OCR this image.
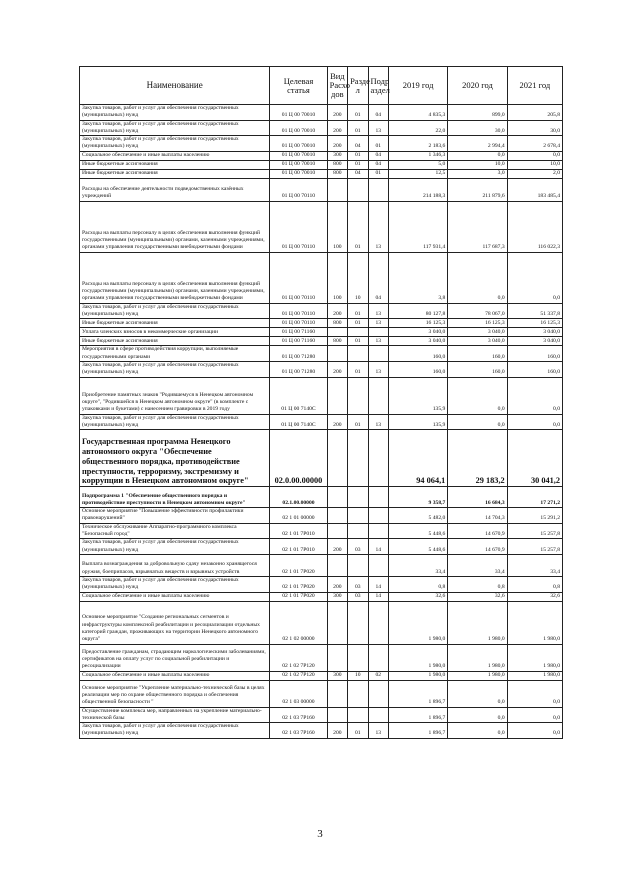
Наименование	Целевая статья	Вид Расхо дов	Разде л	Подр аздел	2019 год	2020 год	2021 год
Закупка товаров, работ и услуг для обеспечения государственных (муниципальных) нужд	01 Ц 00 70010	200	01	04	4 835,3	899,0	205,8
Закупка товаров, работ и услуг для обеспечения государственных (муниципальных) нужд	01 Ц 00 70010	200	01	13	22,0	30,0	30,0
Закупка товаров, работ и услуг для обеспечения государственных (муниципальных) нужд	01 Ц 00 70010	200	04	01	2 183,6	2 994,4	2 678,4
Социальное обеспечение и иные выплаты населению	01 Ц 00 70010	300	01	04	1 346,3	0,0	0,0
Иные бюджетные ассигнования	01 Ц 00 70010	800	01	04	5,0	10,0	10,0
Иные бюджетные ассигнования	01 Ц 00 70010	800	04	01	12,5	3,0	2,0
Расходы на обеспечение деятельности подведомственных казённых учреждений	01 Ц 00 70110				214 188,3	211 879,6	183 485,4
Расходы на выплаты персоналу в целях обеспечения выполнения функций государственными (муниципальными) органами, казенными учреждениями, органами управления государственными внебюджетными фондами	01 Ц 00 70110	100	01	13	117 931,4	117 687,3	116 022,3
Расходы на выплаты персоналу в целях обеспечения выполнения функций государственными (муниципальными) органами, казенными учреждениями, органами управления государственными внебюджетными фондами	01 Ц 00 70110	100	10	04	3,8	0,0	0,0
Закупка товаров, работ и услуг для обеспечения государственных (муниципальных) нужд	01 Ц 00 70110	200	01	13	80 127,8	78 067,0	51 337,8
Иные бюджетные ассигнования	01 Ц 00 70110	800	01	13	16 125,3	16 125,3	16 125,3
Уплата членских взносов в некоммерческие организации	01 Ц 00 71160				3 040,0	3 040,0	3 040,0
Иные бюджетные ассигнования	01 Ц 00 71160	800	01	13	3 040,0	3 040,0	3 040,0
Мероприятия в сфере противодействия коррупции, выполняемые государственными органами	01 Ц 00 71280				160,0	160,0	160,0
Закупка товаров, работ и услуг для обеспечения государственных (муниципальных) нужд	01 Ц 00 71280	200	01	13	160,0	160,0	160,0
Приобретение памятных знаков "Родившемуся в Ненецком автономном округе", "Родившейся в Ненецком автономном округе" (в комплекте с упаковками и букетами) с нанесением гравировки в 2019 году	01 Ц 00 7140С				135,9	0,0	0,0
Закупка товаров, работ и услуг для обеспечения государственных (муниципальных) нужд	01 Ц 00 7140С	200	01	13	135,9	0,0	0,0
Государственная программа Ненецкого автономного округа "Обеспечение общественного порядка, противодействие преступности, терроризму, экстремизму и коррупции в Ненецком автономном округе"	02.0.00.00000				94 064,1	29 183,2	30 041,2
Подпрограмма 1 "Обеспечение общественного порядка и противодействие преступности в Ненецком автономном округе"	02.1.00.00000				9 358,7	16 684,3	17 271,2
Основное мероприятие "Повышение эффективности профилактики правонарушений"	02 1 01 00000				5 482,0	14 704,3	15 291,2
Техническое обслуживание Аппаратно-программного комплекса "Безопасный город"	02 1 01 7Р010				5 448,6	14 670,9	15 257,8
Закупка товаров, работ и услуг для обеспечения государственных (муниципальных) нужд	02 1 01 7Р010	200	03	14	5 448,6	14 670,9	15 257,8
Выплата вознаграждения за добровольную сдачу незаконно хранящегося оружия, боеприпасов, взрывчатых веществ и взрывных устройств	02 1 01 7Р020				33,4	33,4	33,4
Закупка товаров, работ и услуг для обеспечения государственных (муниципальных) нужд	02 1 01 7Р020	200	03	14	0,8	0,8	0,8
Социальное обеспечение и иные выплаты населению	02 1 01 7Р020	300	03	14	32,6	32,6	32,6
Основное мероприятие "Создание региональных сегментов и инфраструктуры комплексной реабилитации и ресоциализации отдельных категорий граждан, проживающих на территории Ненецкого автономного округа"	02 1 02 00000				1 980,0	1 980,0	1 980,0
Предоставление гражданам, страдающим наркологическими заболеваниями, сертификатов на оплату услуг по социальной реабилитации и ресоциализации	02 1 02 7Р120				1 980,0	1 980,0	1 980,0
Социальное обеспечение и иные выплаты населению	02 1 02 7Р120	300	10	02	1 980,0	1 980,0	1 980,0
Основное мероприятие "Укрепление материально-технической базы в целях реализации мер по охране общественного порядка и обеспечения общественной безопасности "	02 1 03 00000				1 896,7	0,0	0,0
Осуществление комплекса мер, направленных на укрепление материально-технической базы	02 1 03 7Р160				1 896,7	0,0	0,0
Закупка товаров, работ и услуг для обеспечения государственных (муниципальных) нужд	02 1 03 7Р160	200	01	13	1 896,7	0,0	0,0
3
